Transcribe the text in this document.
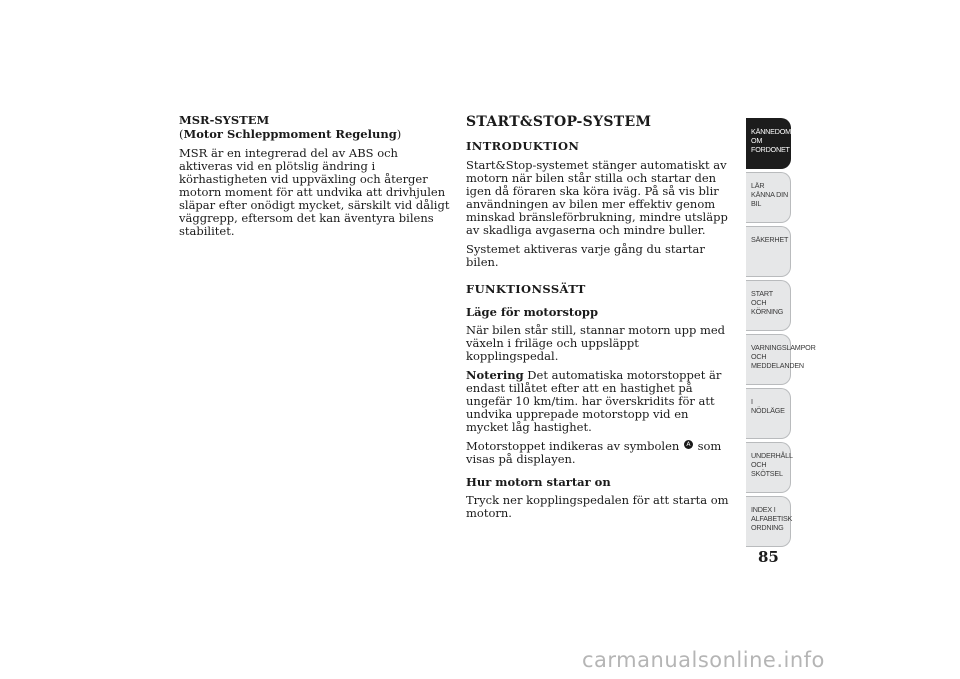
MSR-SYSTEM
(Motor Schleppmoment Regelung)

MSR är en integrerad del av ABS och aktiveras vid en plötslig ändring i körhastigheten vid uppväxling och återger motorn moment för att undvika att drivhjulen släpar efter onödigt mycket, särskilt vid dåligt väggrepp, eftersom det kan äventyra bilens stabilitet.

START&STOP-SYSTEM
INTRODUKTION

Start&Stop-systemet stänger automatiskt av motorn när bilen står stilla och startar den igen då föraren ska köra iväg. På så vis blir användningen av bilen mer effektiv genom minskad bränsleförbrukning, mindre utsläpp av skadliga avgaserna och mindre buller.

Systemet aktiveras varje gång du startar bilen.

FUNKTIONSSÄTT
Läge för motorstopp

När bilen står still, stannar motorn upp med växeln i friläge och uppsläppt kopplingspedal.

Notering Det automatiska motorstoppet är endast tillåtet efter att en hastighet på ungefär 10 km/tim. har överskridits för att undvika upprepade motorstopp vid en mycket låg hastighet.

Motorstoppet indikeras av symbolen A som visas på displayen.

Hur motorn startar on

Tryck ner kopplingspedalen för att starta om motorn.

KÄNNEDOM OM
FORDONET
LÄR KÄNNA DIN
BIL
SÄKERHET
START OCH
KÖRNING
VARNINGSLAMPOR
OCH
MEDDELANDEN
I NÖDLÄGE
UNDERHÅLL OCH
SKÖTSEL
INDEX I
ALFABETISK
ORDNING
85
carmanualsonline.info
